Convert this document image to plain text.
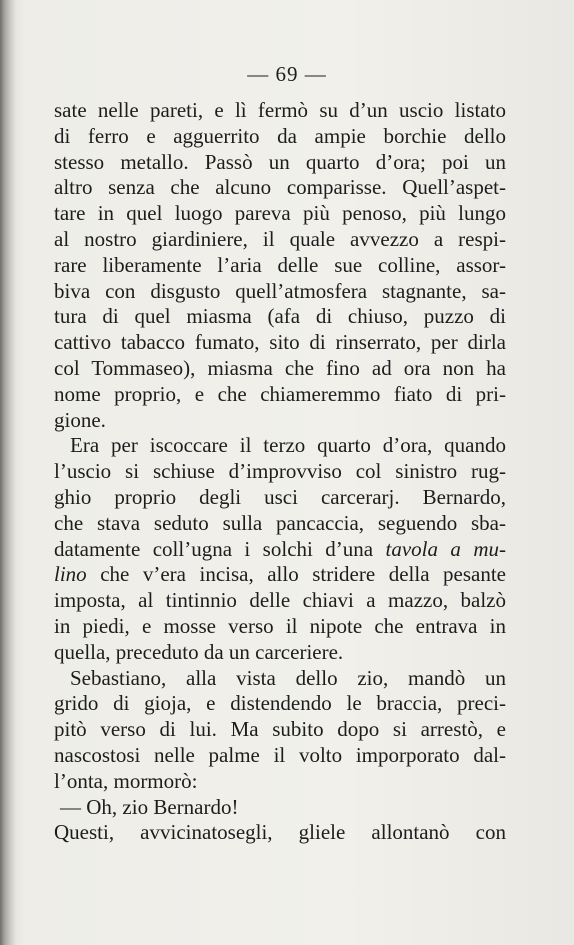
— 69 —
sate nelle pareti, e lì fermò su d’un uscio listato
di ferro e agguerrito da ampie borchie dello
stesso metallo. Passò un quarto d’ora; poi un
altro senza che alcuno comparisse. Quell’aspet-
tare in quel luogo pareva più penoso, più lungo
al nostro giardiniere, il quale avvezzo a respi-
rare liberamente l’aria delle sue colline, assor-
biva con disgusto quell’atmosfera stagnante, sa-
tura di quel miasma (afa di chiuso, puzzo di
cattivo tabacco fumato, sito di rinserrato, per dirla
col Tommaseo), miasma che fino ad ora non ha
nome proprio, e che chiameremmo fiato di pri-
gione.
Era per iscoccare il terzo quarto d’ora, quando
l’uscio si schiuse d’improvviso col sinistro rug-
ghio proprio degli usci carcerarj. Bernardo,
che stava seduto sulla pancaccia, seguendo sba-
datamente coll’ugna i solchi d’una tavola a mu-
lino che v’era incisa, allo stridere della pesante
imposta, al tintinnio delle chiavi a mazzo, balzò
in piedi, e mosse verso il nipote che entrava in
quella, preceduto da un carceriere.
Sebastiano, alla vista dello zio, mandò un
grido di gioja, e distendendo le braccia, preci-
pitò verso di lui. Ma subito dopo si arrestò, e
nascostosi nelle palme il volto imporporato dal-
l’onta, mormorò:
— Oh, zio Bernardo!
Questi, avvicinatosegli, gliele allontanò con
